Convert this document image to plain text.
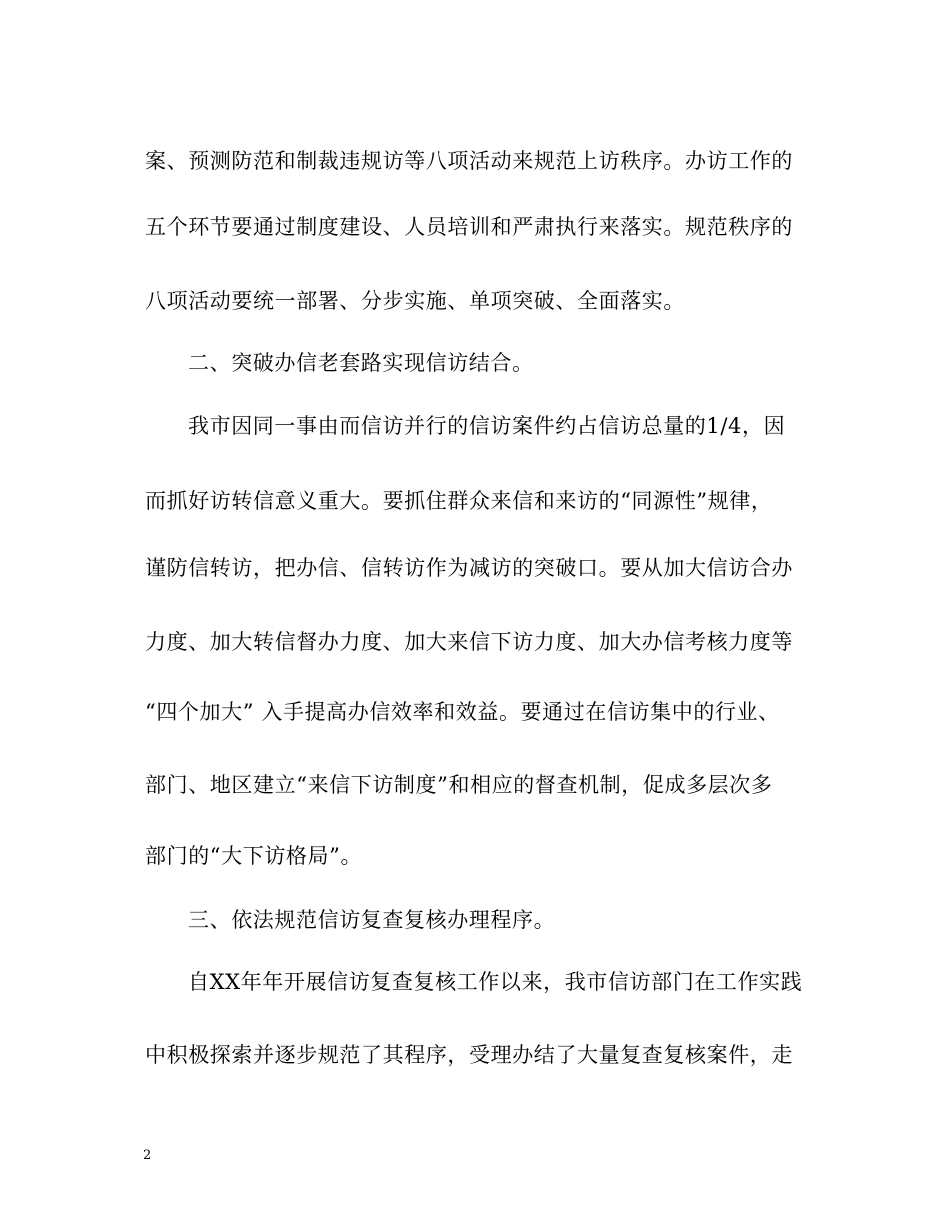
案、预测防范和制裁违规访等八项活动来规范上访秩序。办访工作的
五个环节要通过制度建设、人员培训和严肃执行来落实。规范秩序的
八项活动要统一部署、分步实施、单项突破、全面落实。
二、突破办信老套路实现信访结合。
我市因同一事由而信访并行的信访案件约占信访总量的1/4，因
而抓好访转信意义重大。要抓住群众来信和来访的“同源性”规律，
谨防信转访，把办信、信转访作为减访的突破口。要从加大信访合办
力度、加大转信督办力度、加大来信下访力度、加大办信考核力度等
“四个加大” 入手提高办信效率和效益。要通过在信访集中的行业、
部门、地区建立“来信下访制度”和相应的督查机制，促成多层次多
部门的“大下访格局”。
三、依法规范信访复查复核办理程序。
自XX年年开展信访复查复核工作以来，我市信访部门在工作实践
中积极探索并逐步规范了其程序，受理办结了大量复查复核案件，走
2
